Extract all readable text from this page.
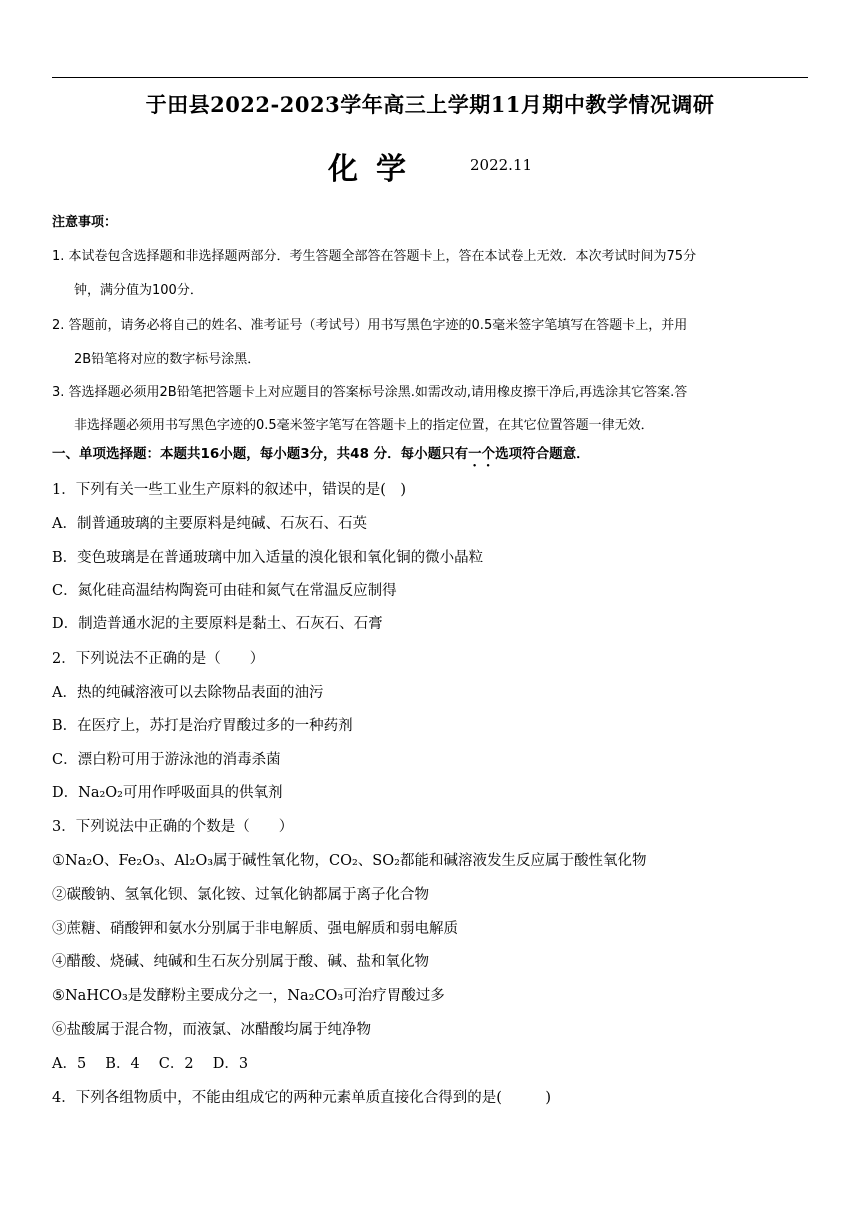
于田县2022-2023学年高三上学期11月期中教学情况调研
化学	2022.11
注意事项：
1. 本试卷包含选择题和非选择题两部分．考生答题全部答在答题卡上，答在本试卷上无效．本次考试时间为75分
钟，满分值为100分．
2. 答题前，请务必将自己的姓名、准考证号（考试号）用书写黑色字迹的0.5毫米签字笔填写在答题卡上，并用
2B铅笔将对应的数字标号涂黑．
3. 答选择题必须用2B铅笔把答题卡上对应题目的答案标号涂黑.如需改动,请用橡皮擦干净后,再选涂其它答案.答
非选择题必须用书写黑色字迹的0.5毫米签字笔写在答题卡上的指定位置，在其它位置答题一律无效．
一、单项选择题：本题共16小题，每小题3分，共48 分．每小题只有一个选项符合题意．
1．下列有关一些工业生产原料的叙述中，错误的是(　)
A．制普通玻璃的主要原料是纯碱、石灰石、石英
B．变色玻璃是在普通玻璃中加入适量的溴化银和氧化铜的微小晶粒
C．氮化硅高温结构陶瓷可由硅和氮气在常温反应制得
D．制造普通水泥的主要原料是黏土、石灰石、石膏
2．下列说法不正确的是（　　）
A．热的纯碱溶液可以去除物品表面的油污
B．在医疗上，苏打是治疗胃酸过多的一种药剂
C．漂白粉可用于游泳池的消毒杀菌
D．Na₂O₂可用作呼吸面具的供氧剂
3．下列说法中正确的个数是（　　）
①Na₂O、Fe₂O₃、Al₂O₃属于碱性氧化物，CO₂、SO₂都能和碱溶液发生反应属于酸性氧化物
②碳酸钠、氢氧化钡、氯化铵、过氧化钠都属于离子化合物
③蔗糖、硝酸钾和氨水分别属于非电解质、强电解质和弱电解质
④醋酸、烧碱、纯碱和生石灰分别属于酸、碱、盐和氧化物
⑤NaHCO₃是发酵粉主要成分之一，Na₂CO₃可治疗胃酸过多
⑥盐酸属于混合物，而液氯、冰醋酸均属于纯净物
A．5　 B．4　 C．2　 D．3
4．下列各组物质中，不能由组成它的两种元素单质直接化合得到的是(　　　)
